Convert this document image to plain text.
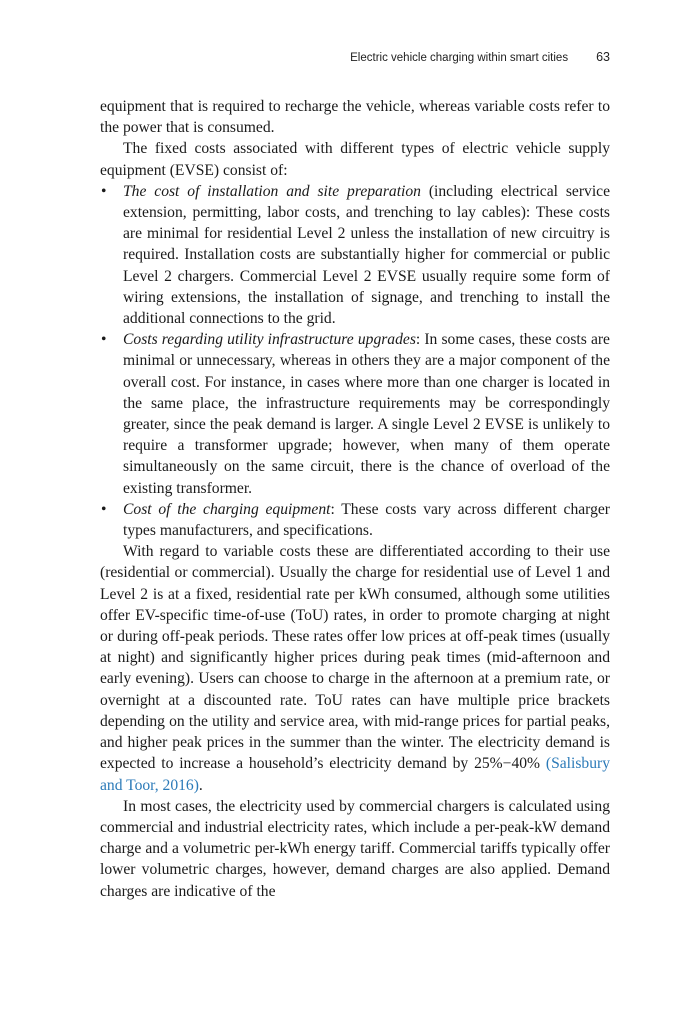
Electric vehicle charging within smart cities 63

equipment that is required to recharge the vehicle, whereas variable costs refer to the power that is consumed.

The fixed costs associated with different types of electric vehicle supply equipment (EVSE) consist of:

• The cost of installation and site preparation (including electrical service extension, permitting, labor costs, and trenching to lay cables): These costs are minimal for residential Level 2 unless the installation of new circuitry is required. Installation costs are substantially higher for commercial or public Level 2 chargers. Commercial Level 2 EVSE usually require some form of wiring extensions, the installation of signage, and trenching to install the additional connections to the grid.
• Costs regarding utility infrastructure upgrades: In some cases, these costs are minimal or unnecessary, whereas in others they are a major component of the overall cost. For instance, in cases where more than one charger is located in the same place, the infrastructure requirements may be correspondingly greater, since the peak demand is larger. A single Level 2 EVSE is unlikely to require a transformer upgrade; however, when many of them operate simultaneously on the same circuit, there is the chance of overload of the existing transformer.
• Cost of the charging equipment: These costs vary across different charger types manufacturers, and specifications.

With regard to variable costs these are differentiated according to their use (residential or commercial). Usually the charge for residential use of Level 1 and Level 2 is at a fixed, residential rate per kWh consumed, although some utilities offer EV-specific time-of-use (ToU) rates, in order to promote charging at night or during off-peak periods. These rates offer low prices at off-peak times (usually at night) and significantly higher prices during peak times (mid-afternoon and early evening). Users can choose to charge in the afternoon at a premium rate, or overnight at a discounted rate. ToU rates can have multiple price brackets depending on the utility and service area, with mid-range prices for partial peaks, and higher peak prices in the summer than the winter. The electricity demand is expected to increase a household’s electricity demand by 25%−40% (Salisbury and Toor, 2016).

In most cases, the electricity used by commercial chargers is calculated using commercial and industrial electricity rates, which include a per-peak-kW demand charge and a volumetric per-kWh energy tariff. Commercial tariffs typically offer lower volumetric charges, however, demand charges are also applied. Demand charges are indicative of the
